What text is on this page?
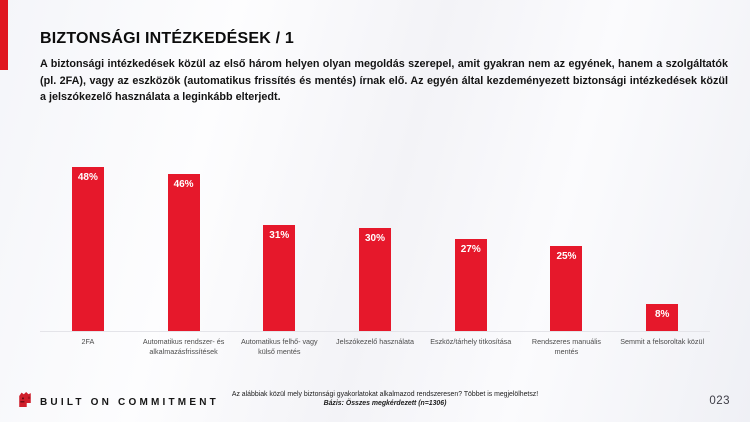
BIZTONSÁGI INTÉZKEDÉSEK / 1
A biztonsági intézkedések közül az első három helyen olyan megoldás szerepel, amit gyakran nem az egyének, hanem a szolgáltatók (pl. 2FA), vagy az eszközök (automatikus frissítés és mentés) írnak elő. Az egyén által kezdeményezett biztonsági intézkedések közül a jelszókezelő használata a leginkább elterjedt.
48%
46%
31%	30%
27%
25%
8%
2FA	Automatikus rendszer- és alkalmazásfrissítések
Automatikus felhő- vagy külső mentés
Jelszókezelő használata	Eszköz/tárhely titkosítása	Rendszeres manuális mentés
Semmit a felsoroltak közül
BUILT ON COMMITMENT
Az alábbiak közül mely biztonsági gyakorlatokat alkalmazod rendszeresen? Többet is megjelölhetsz!
Bázis: Összes megkérdezett (n=1306)	023
